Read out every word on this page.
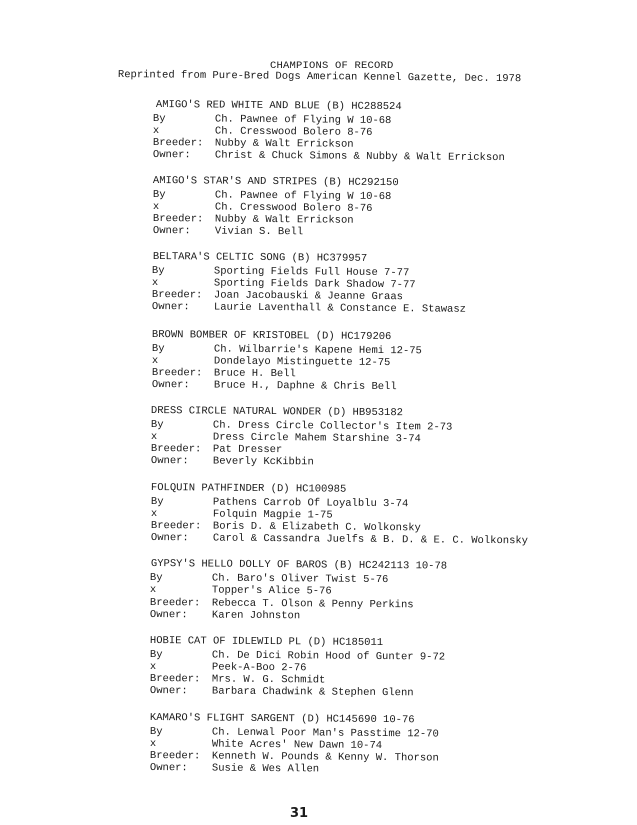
CHAMPIONS OF RECORD
Reprinted from Pure-Bred Dogs American Kennel Gazette, Dec. 1978
AMIGO'S RED WHITE AND BLUE (B) HC288524
By	Ch. Pawnee of Flying W 10-68
x	Ch. Cresswood Bolero 8-76
Breeder: Nubby & Walt Errickson
Owner: Christ & Chuck Simons & Nubby & Walt Errickson
AMIGO'S STAR'S AND STRIPES (B) HC292150
By	Ch. Pawnee of Flying W 10-68
x	Ch. Cresswood Bolero 8-76
Breeder: Nubby & Walt Errickson
Owner: Vivian S. Bell
BELTARA'S CELTIC SONG (B) HC379957
By	Sporting Fields Full House 7-77
x	Sporting Fields Dark Shadow 7-77
Breeder: Joan Jacobauski & Jeanne Graas
Owner: Laurie Laventhall & Constance E. Stawasz
BROWN BOMBER OF KRISTOBEL (D) HC179206
By	Ch. Wilbarrie's Kapene Hemi 12-75
x	Dondelayo Mistinguette 12-75
Breeder: Bruce H. Bell
Owner: Bruce H., Daphne & Chris Bell
DRESS CIRCLE NATURAL WONDER (D) HB953182
By	Ch. Dress Circle Collector's Item 2-73
x	Dress Circle Mahem Starshine 3-74
Breeder: Pat Dresser
Owner: Beverly KcKibbin
FOLQUIN PATHFINDER (D) HC100985
By	Pathens Carrob Of Loyalblu 3-74
x	Folquin Magpie 1-75
Breeder: Boris D. & Elizabeth C. Wolkonsky
Owner: Carol & Cassandra Juelfs & B. D. & E. C. Wolkonsky
GYPSY'S HELLO DOLLY OF BAROS (B) HC242113 10-78
By	Ch. Baro's Oliver Twist 5-76
x	Topper's Alice 5-76
Breeder: Rebecca T. Olson & Penny Perkins
Owner: Karen Johnston
HOBIE CAT OF IDLEWILD PL (D) HC185011
By	Ch. De Dici Robin Hood of Gunter 9-72
x	Peek-A-Boo 2-76
Breeder: Mrs. W. G. Schmidt
Owner: Barbara Chadwink & Stephen Glenn
KAMARO'S FLIGHT SARGENT (D) HC145690 10-76
By	Ch. Lenwal Poor Man's Passtime 12-70
x	White Acres' New Dawn 10-74
Breeder: Kenneth W. Pounds & Kenny W. Thorson
Owner: Susie & Wes Allen
31
